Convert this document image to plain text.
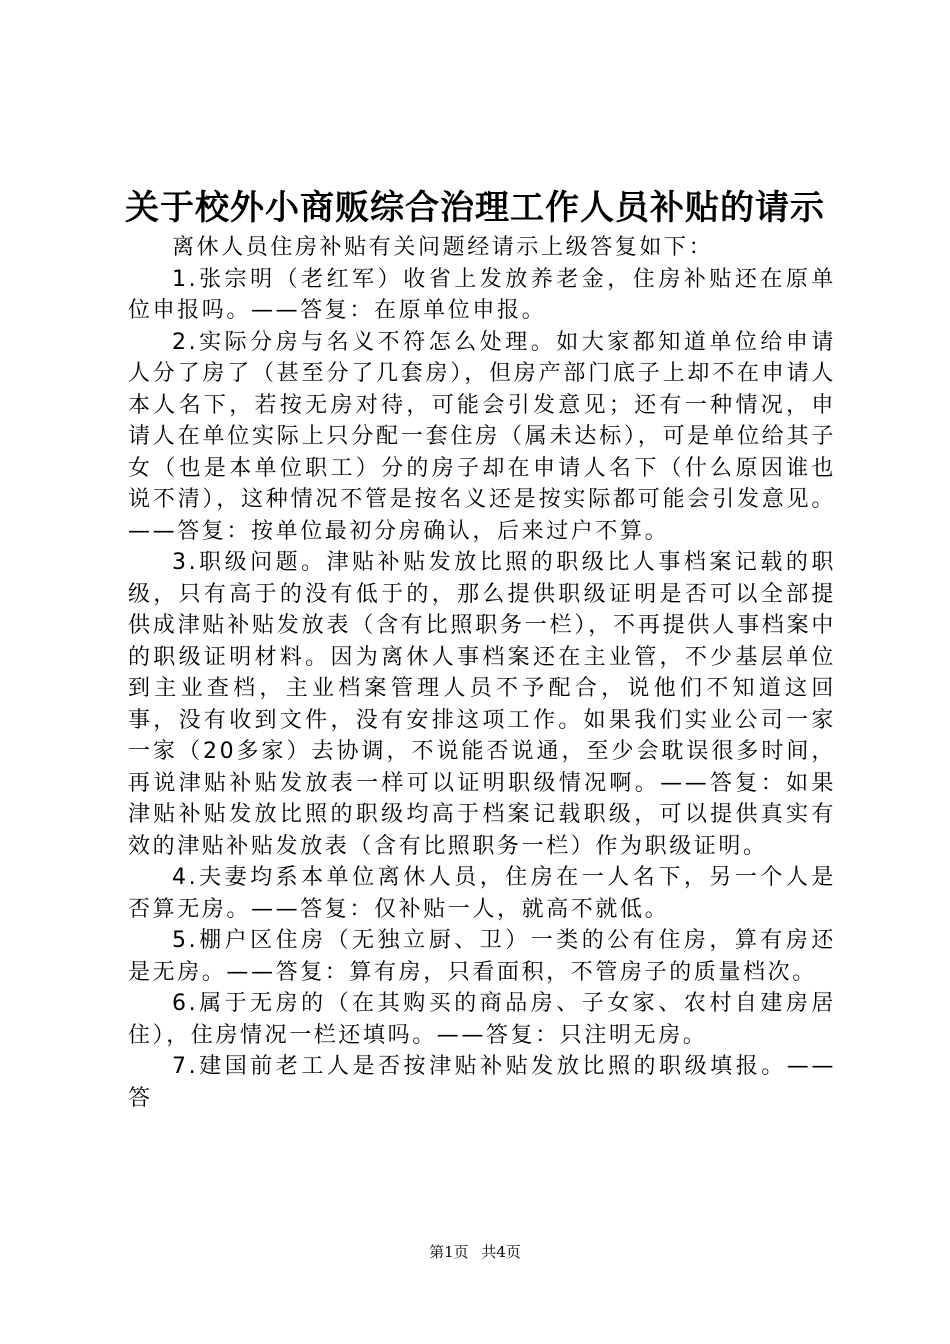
关于校外小商贩综合治理工作人员补贴的请示

离休人员住房补贴有关问题经请示上级答复如下：

1.张宗明（老红军）收省上发放养老金，住房补贴还在原单位申报吗。——答复：在原单位申报。

2.实际分房与名义不符怎么处理。如大家都知道单位给申请人分了房了（甚至分了几套房），但房产部门底子上却不在申请人本人名下，若按无房对待，可能会引发意见；还有一种情况，申请人在单位实际上只分配一套住房（属未达标），可是单位给其子女（也是本单位职工）分的房子却在申请人名下（什么原因谁也说不清），这种情况不管是按名义还是按实际都可能会引发意见。——答复：按单位最初分房确认，后来过户不算。

3.职级问题。津贴补贴发放比照的职级比人事档案记载的职级，只有高于的没有低于的，那么提供职级证明是否可以全部提供成津贴补贴发放表（含有比照职务一栏），不再提供人事档案中的职级证明材料。因为离休人事档案还在主业管，不少基层单位到主业查档，主业档案管理人员不予配合，说他们不知道这回事，没有收到文件，没有安排这项工作。如果我们实业公司一家一家（20多家）去协调，不说能否说通，至少会耽误很多时间，再说津贴补贴发放表一样可以证明职级情况啊。——答复：如果津贴补贴发放比照的职级均高于档案记载职级，可以提供真实有效的津贴补贴发放表（含有比照职务一栏）作为职级证明。

4.夫妻均系本单位离休人员，住房在一人名下，另一个人是否算无房。——答复：仅补贴一人，就高不就低。

5.棚户区住房（无独立厨、卫）一类的公有住房，算有房还是无房。——答复：算有房，只看面积，不管房子的质量档次。

6.属于无房的（在其购买的商品房、子女家、农村自建房居住），住房情况一栏还填吗。——答复：只注明无房。

7.建国前老工人是否按津贴补贴发放比照的职级填报。——答

第1页 共4页
